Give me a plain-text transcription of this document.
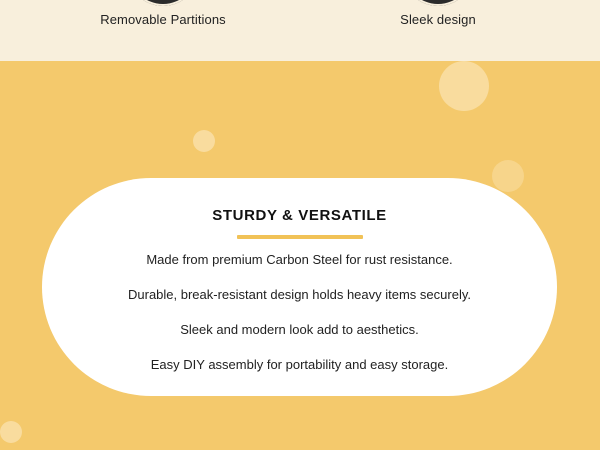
Removable Partitions	Sleek design
STURDY & VERSATILE
Made from premium Carbon Steel for rust resistance.
Durable, break-resistant design holds heavy items securely.
Sleek and modern look add to aesthetics.
Easy DIY assembly for portability and easy storage.
